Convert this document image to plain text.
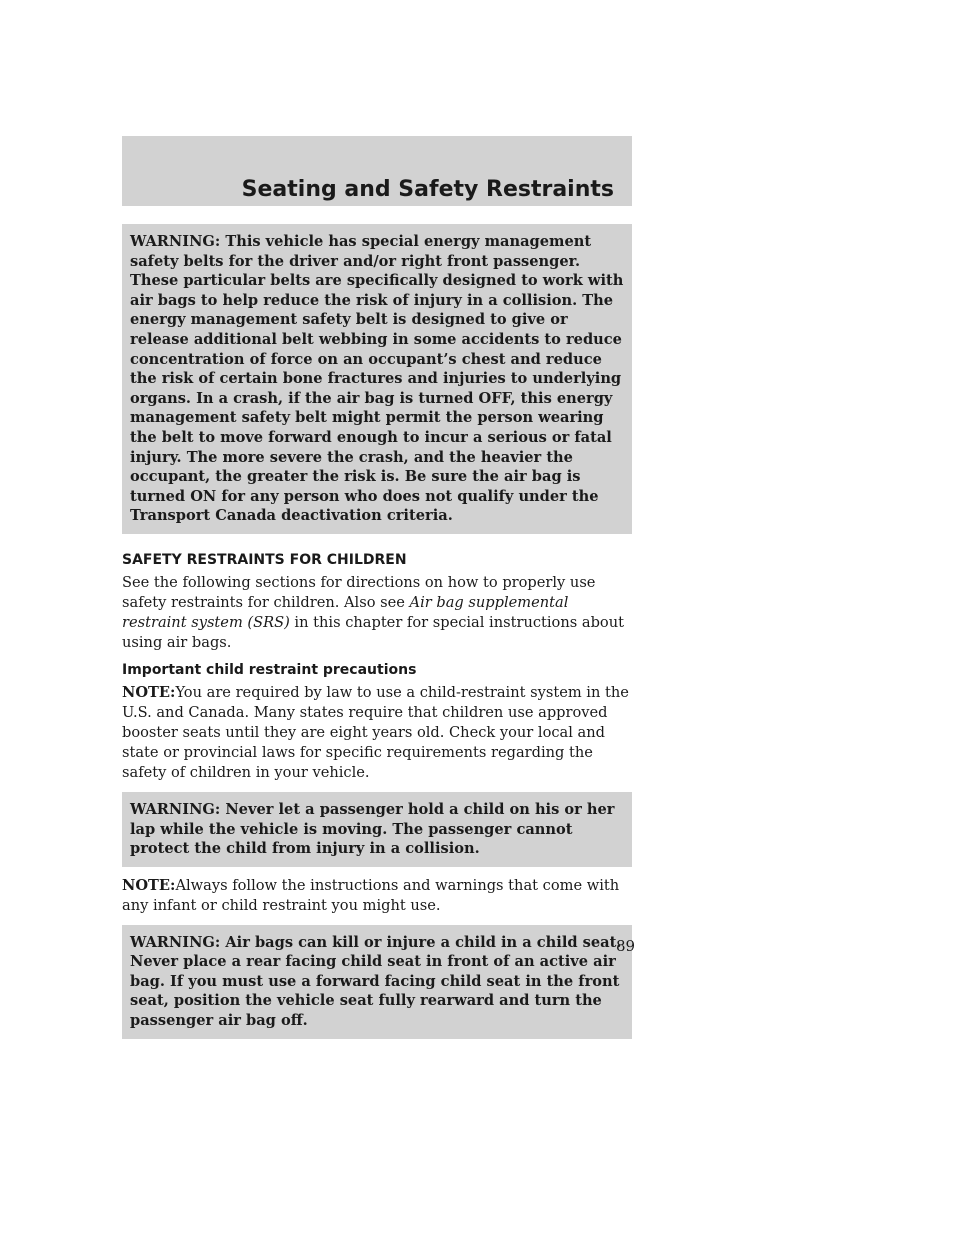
Seating and Safety Restraints

WARNING: This vehicle has special energy management safety belts for the driver and/or right front passenger. These particular belts are specifically designed to work with air bags to help reduce the risk of injury in a collision. The energy management safety belt is designed to give or release additional belt webbing in some accidents to reduce concentration of force on an occupant’s chest and reduce the risk of certain bone fractures and injuries to underlying organs. In a crash, if the air bag is turned OFF, this energy management safety belt might permit the person wearing the belt to move forward enough to incur a serious or fatal injury. The more severe the crash, and the heavier the occupant, the greater the risk is. Be sure the air bag is turned ON for any person who does not qualify under the Transport Canada deactivation criteria.

SAFETY RESTRAINTS FOR CHILDREN

See the following sections for directions on how to properly use safety restraints for children. Also see Air bag supplemental restraint system (SRS) in this chapter for special instructions about using air bags.

Important child restraint precautions

NOTE:You are required by law to use a child-restraint system in the U.S. and Canada. Many states require that children use approved booster seats until they are eight years old. Check your local and state or provincial laws for specific requirements regarding the safety of children in your vehicle.

WARNING: Never let a passenger hold a child on his or her lap while the vehicle is moving. The passenger cannot protect the child from injury in a collision.

NOTE:Always follow the instructions and warnings that come with any infant or child restraint you might use.

WARNING: Air bags can kill or injure a child in a child seat. Never place a rear facing child seat in front of an active air bag. If you must use a forward facing child seat in the front seat, position the vehicle seat fully rearward and turn the passenger air bag off.

89
